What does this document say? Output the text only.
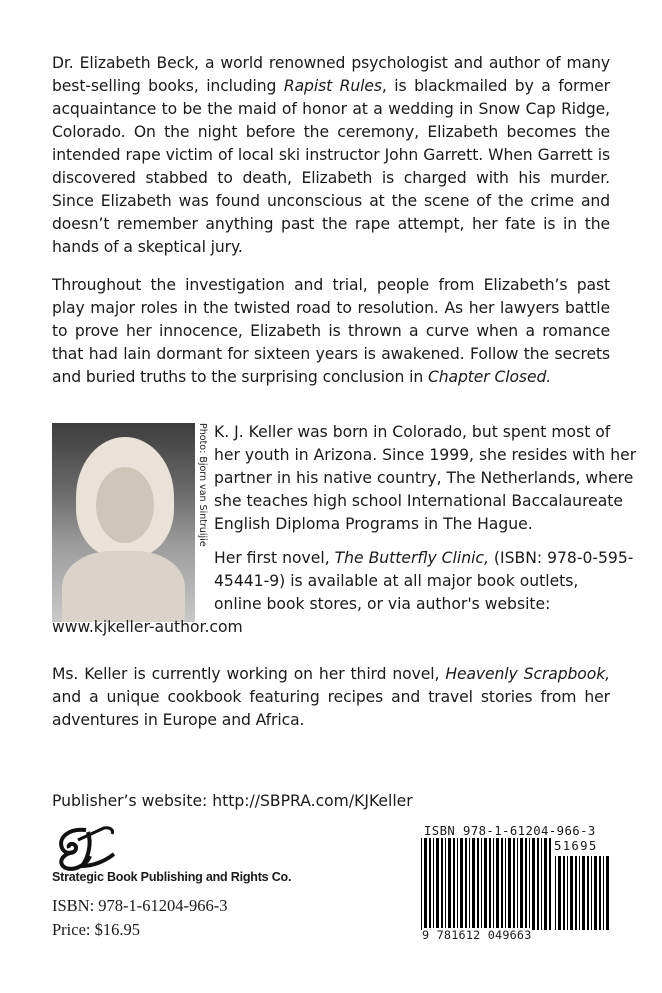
Dr. Elizabeth Beck, a world renowned psychologist and author of many best-selling books, including Rapist Rules, is blackmailed by a former acquaintance to be the maid of honor at a wedding in Snow Cap Ridge, Colorado. On the night before the ceremony, Elizabeth becomes the intended rape victim of local ski instructor John Garrett. When Garrett is discovered stabbed to death, Elizabeth is charged with his murder. Since Elizabeth was found unconscious at the scene of the crime and doesn’t remember anything past the rape attempt, her fate is in the hands of a skeptical jury.
Throughout the investigation and trial, people from Elizabeth’s past play major roles in the twisted road to resolution. As her lawyers battle to prove her innocence, Elizabeth is thrown a curve when a romance that had lain dormant for sixteen years is awakened. Follow the secrets and buried truths to the surprising conclusion in Chapter Closed.
Photo: Bjorn van Sintruijie K. J. Keller was born in Colorado, but spent most of
her youth in Arizona. Since 1999, she resides with her
partner in his native country, The Netherlands, where
she teaches high school International Baccalaureate
English Diploma Programs in The Hague.
Her first novel, The Butterfly Clinic, (ISBN: 978-0-595-
45441-9) is available at all major book outlets,
online book stores, or via author's website:
www.kjkeller-author.com
Ms. Keller is currently working on her third novel, Heavenly Scrapbook, and a unique cookbook featuring recipes and travel stories from her adventures in Europe and Africa.
Publisher’s website: http://SBPRA.com/KJKeller
Strategic Book Publishing and Rights Co.
ISBN: 978-1-61204-966-3
Price: $16.95
ISBN 978-1-61204-966-3
51695
9 781612 049663
